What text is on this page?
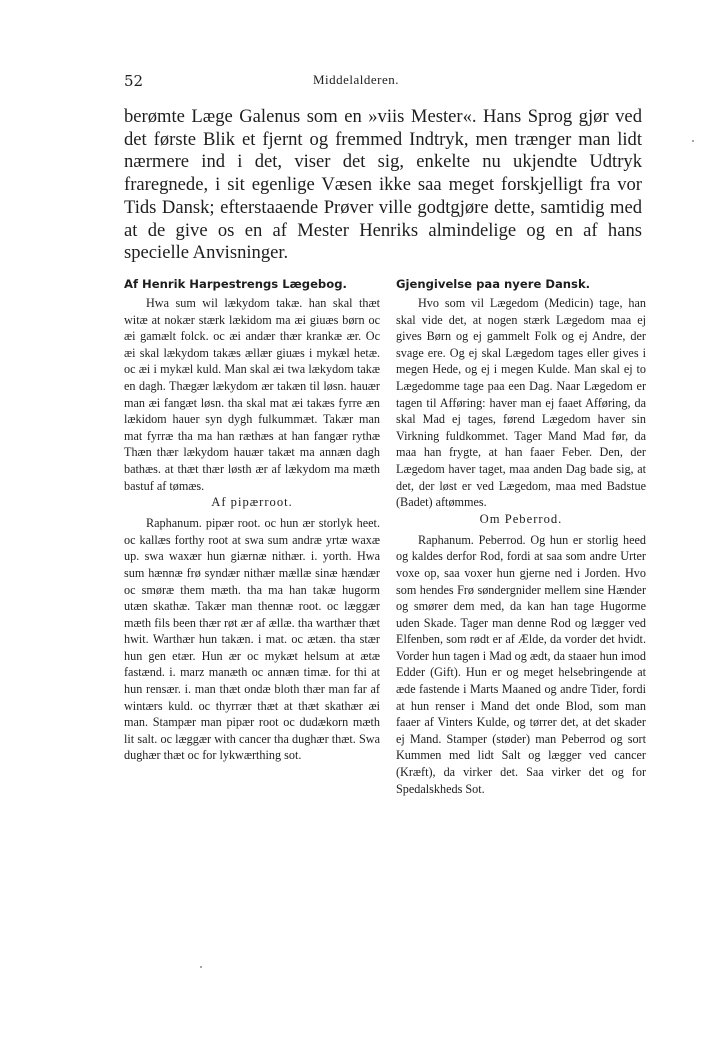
52	Middelalderen.

berømte Læge Galenus som en »viis Mester«. Hans Sprog gjør ved det første Blik et fjernt og fremmed Indtryk, men trænger man lidt nærmere ind i det, viser det sig, enkelte nu ukjendte Udtryk fraregnede, i sit egenlige Væsen ikke saa meget forskjelligt fra vor Tids Dansk; efterstaaende Prøver ville godtgjøre dette, samtidig med at de give os en af Mester Henriks almindelige og en af hans specielle Anvisninger.

Af Henrik Harpestrengs Lægebog.

Hwa sum wil lækydom takæ. han skal thæt witæ at nokær stærk lækidom ma æi giuæs børn oc æi gamælt folck. oc æi andær thær krankæ ær. Oc æi skal lækydom takæs ællær giuæs i mykæl hetæ. oc æi i mykæl kuld. Man skal æi twa lækydom takæ en dagh. Thægær lækydom ær takæn til løsn. hauær man æi fangæt løsn. tha skal mat æi takæs fyrre æn lækidom hauer syn dygh fulkummæt. Takær man mat fyrræ tha ma han ræthæs at han fangær rythæ Thæn thær lækydom hauær takæt ma annæn dagh bathæs. at thæt thær løsth ær af lækydom ma mæth bastuf af tømæs.

Af pipærroot.

Raphanum. pipær root. oc hun ær storlyk heet. oc kallæs forthy root at swa sum andræ yrtæ waxæ up. swa waxær hun giærnæ nithær. i. yorth. Hwa sum hænnæ frø syndær nithær mællæ sinæ hændær oc smøræ them mæth. tha ma han takæ hugorm utæn skathæ. Takær man thennæ root. oc læggær mæth fils been thær røt ær af ællæ. tha warthær thæt hwit. Warthær hun takæn. i mat. oc ætæn. tha stær hun gen etær. Hun ær oc mykæt helsum at ætæ fastænd. i. marz manæth oc annæn timæ. for thi at hun rensær. i. man thæt ondæ bloth thær man far af wintærs kuld. oc thyrrær thæt at thæt skathær æi man. Stampær man pipær root oc dudækorn mæth lit salt. oc læggær with cancer tha dughær thæt. Swa dughær thæt oc for lykwærthing sot.

Gjengivelse paa nyere Dansk.

Hvo som vil Lægedom (Medicin) tage, han skal vide det, at nogen stærk Lægedom maa ej gives Børn og ej gammelt Folk og ej Andre, der svage ere. Og ej skal Lægedom tages eller gives i megen Hede, og ej i megen Kulde. Man skal ej to Lægedomme tage paa een Dag. Naar Lægedom er tagen til Afføring: haver man ej faaet Afføring, da skal Mad ej tages, førend Lægedom haver sin Virkning fuldkommet. Tager Mand Mad før, da maa han frygte, at han faaer Feber. Den, der Lægedom haver taget, maa anden Dag bade sig, at det, der løst er ved Lægedom, maa med Badstue (Badet) aftømmes.

Om Peberrod.

Raphanum. Peberrod. Og hun er storlig heed og kaldes derfor Rod, fordi at saa som andre Urter voxe op, saa voxer hun gjerne ned i Jorden. Hvo som hendes Frø søndergnider mellem sine Hænder og smører dem med, da kan han tage Hugorme uden Skade. Tager man denne Rod og lægger ved Elfenben, som rødt er af Ælde, da vorder det hvidt. Vorder hun tagen i Mad og ædt, da staaer hun imod Edder (Gift). Hun er og meget helsebringende at æde fastende i Marts Maaned og andre Tider, fordi at hun renser i Mand det onde Blod, som man faaer af Vinters Kulde, og tørrer det, at det skader ej Mand. Stamper (støder) man Peberrod og sort Kummen med lidt Salt og lægger ved cancer (Kræft), da virker det. Saa virker det og for Spedalskheds Sot.
